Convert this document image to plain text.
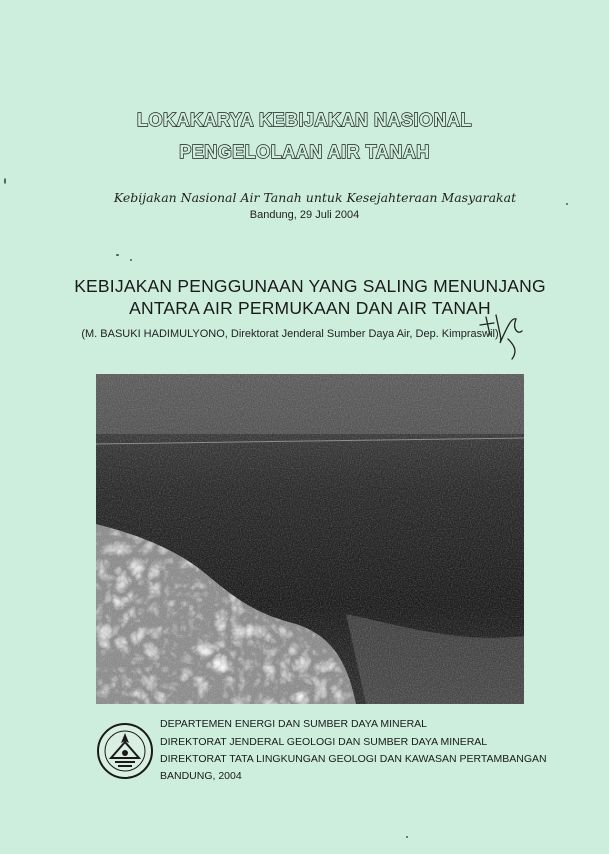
LOKAKARYA KEBIJAKAN NASIONAL
PENGELOLAAN AIR TANAH
Kebijakan Nasional Air Tanah untuk Kesejahteraan Masyarakat
Bandung, 29 Juli 2004
KEBIJAKAN PENGGUNAAN YANG SALING MENUNJANG
ANTARA AIR PERMUKAAN DAN AIR TANAH
(M. BASUKI HADIMULYONO, Direktorat Jenderal Sumber Daya Air, Dep. Kimpraswil)
DEPARTEMEN ENERGI DAN SUMBER DAYA MINERAL
DIREKTORAT JENDERAL GEOLOGI DAN SUMBER DAYA MINERAL
DIREKTORAT TATA LINGKUNGAN GEOLOGI DAN KAWASAN PERTAMBANGAN
BANDUNG, 2004
